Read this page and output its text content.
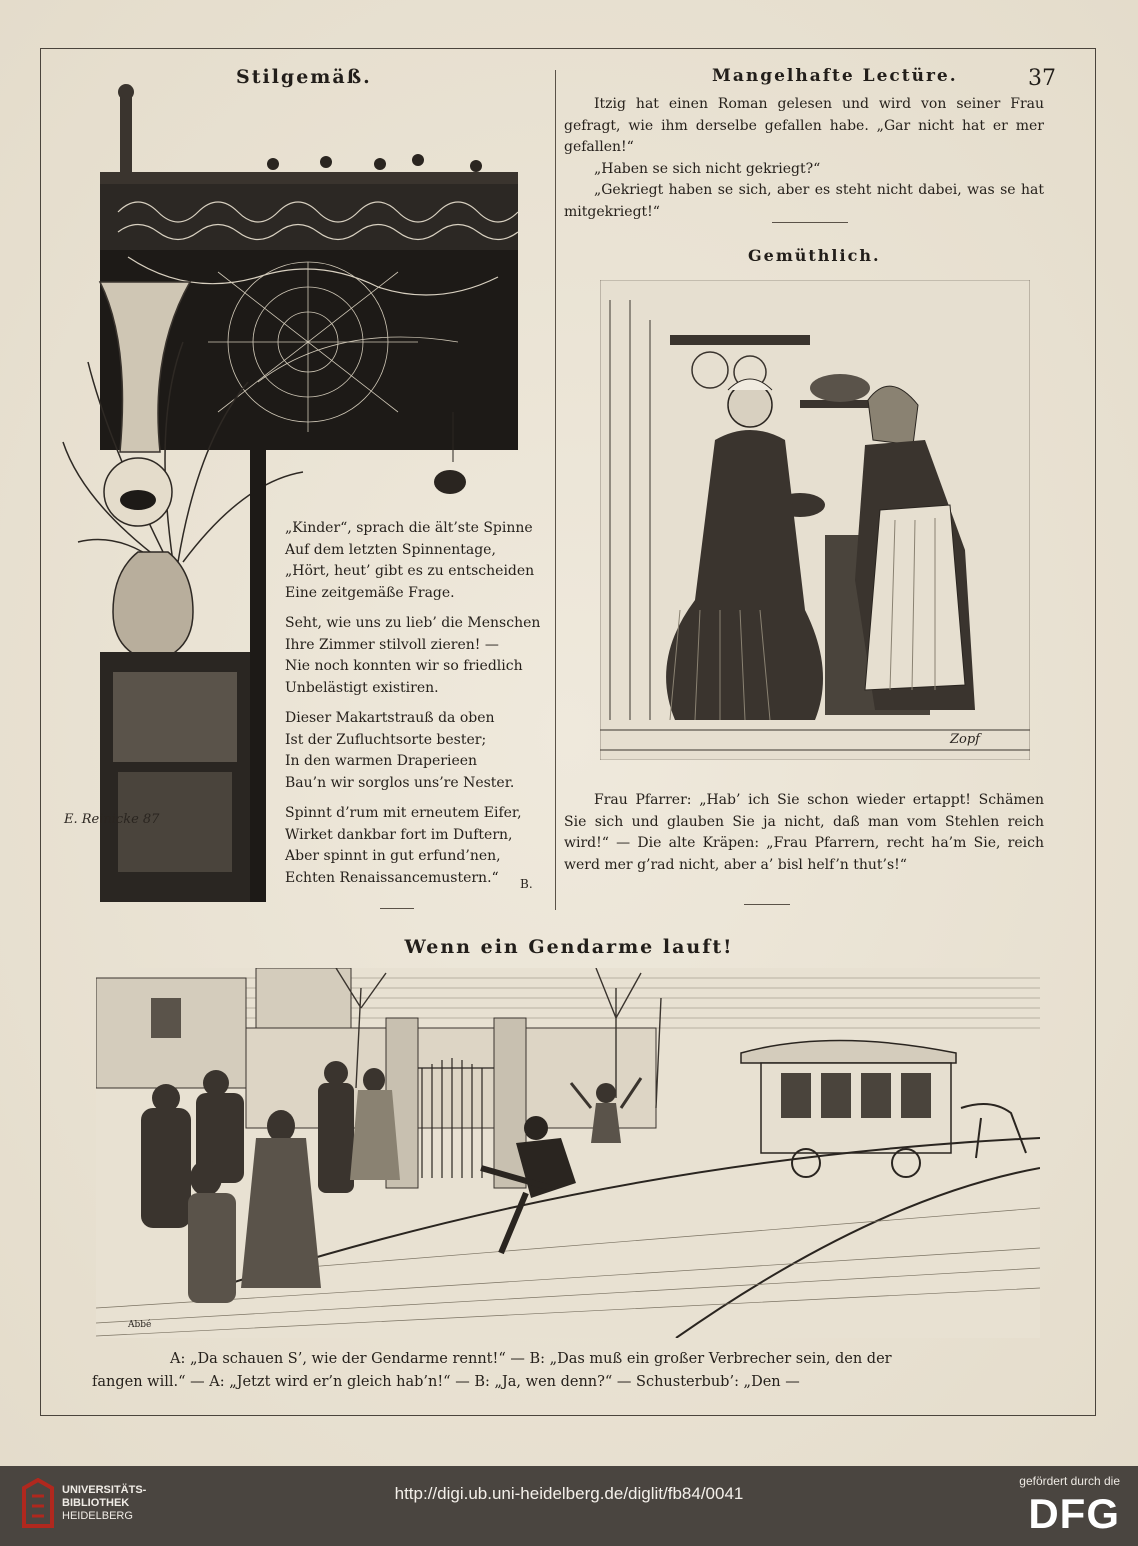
Stilgemäß.
E. Reinicke 87
„Kinder“, sprach die ält’ste Spinne
Auf dem letzten Spinnentage,
„Hört, heut’ gibt es zu entscheiden
Eine zeitgemäße Frage.
Seht, wie uns zu lieb’ die Menschen
Ihre Zimmer stilvoll zieren! —
Nie noch konnten wir so friedlich
Unbelästigt existiren.
Dieser Makartstrauß da oben
Ist der Zufluchtsorte bester;
In den warmen Draperieen
Bau’n wir sorglos uns’re Nester.
Spinnt d’rum mit erneutem Eifer,
Wirket dankbar fort im Duftern,
Aber spinnt in gut erfund’nen,
Echten Renaissancemustern.“	B.
Mangelhafte Lectüre.	37

Itzig hat einen Roman gelesen und wird von seiner Frau gefragt, wie ihm derselbe gefallen habe. „Gar nicht hat er mer gefallen!“

„Haben se sich nicht gekriegt?“

„Gekriegt haben se sich, aber es steht nicht dabei, was se hat mitgekriegt!“

Gemüthlich.
Zopf
Frau Pfarrer: „Hab’ ich Sie schon wieder ertappt! Schämen Sie sich und glauben Sie ja nicht, daß man vom Stehlen reich wird!“ — Die alte Kräpen: „Frau Pfarrern, recht ha’m Sie, reich werd mer g’rad nicht, aber a’ bisl helf’n thut’s!“
Wenn ein Gendarme lauft!
Abbé
A: „Da schauen S’, wie der Gendarme rennt!“ — B: „Das muß ein großer Verbrecher sein, den der
fangen will.“ — A: „Jetzt wird er’n gleich hab’n!“ — B: „Ja, wen denn?“ — Schusterbub’: „Den —
UNIVERSITÄTS-
BIBLIOTHEK
HEIDELBERG
http://digi.ub.uni-heidelberg.de/diglit/fb84/0041
gefördert durch die
DFG
